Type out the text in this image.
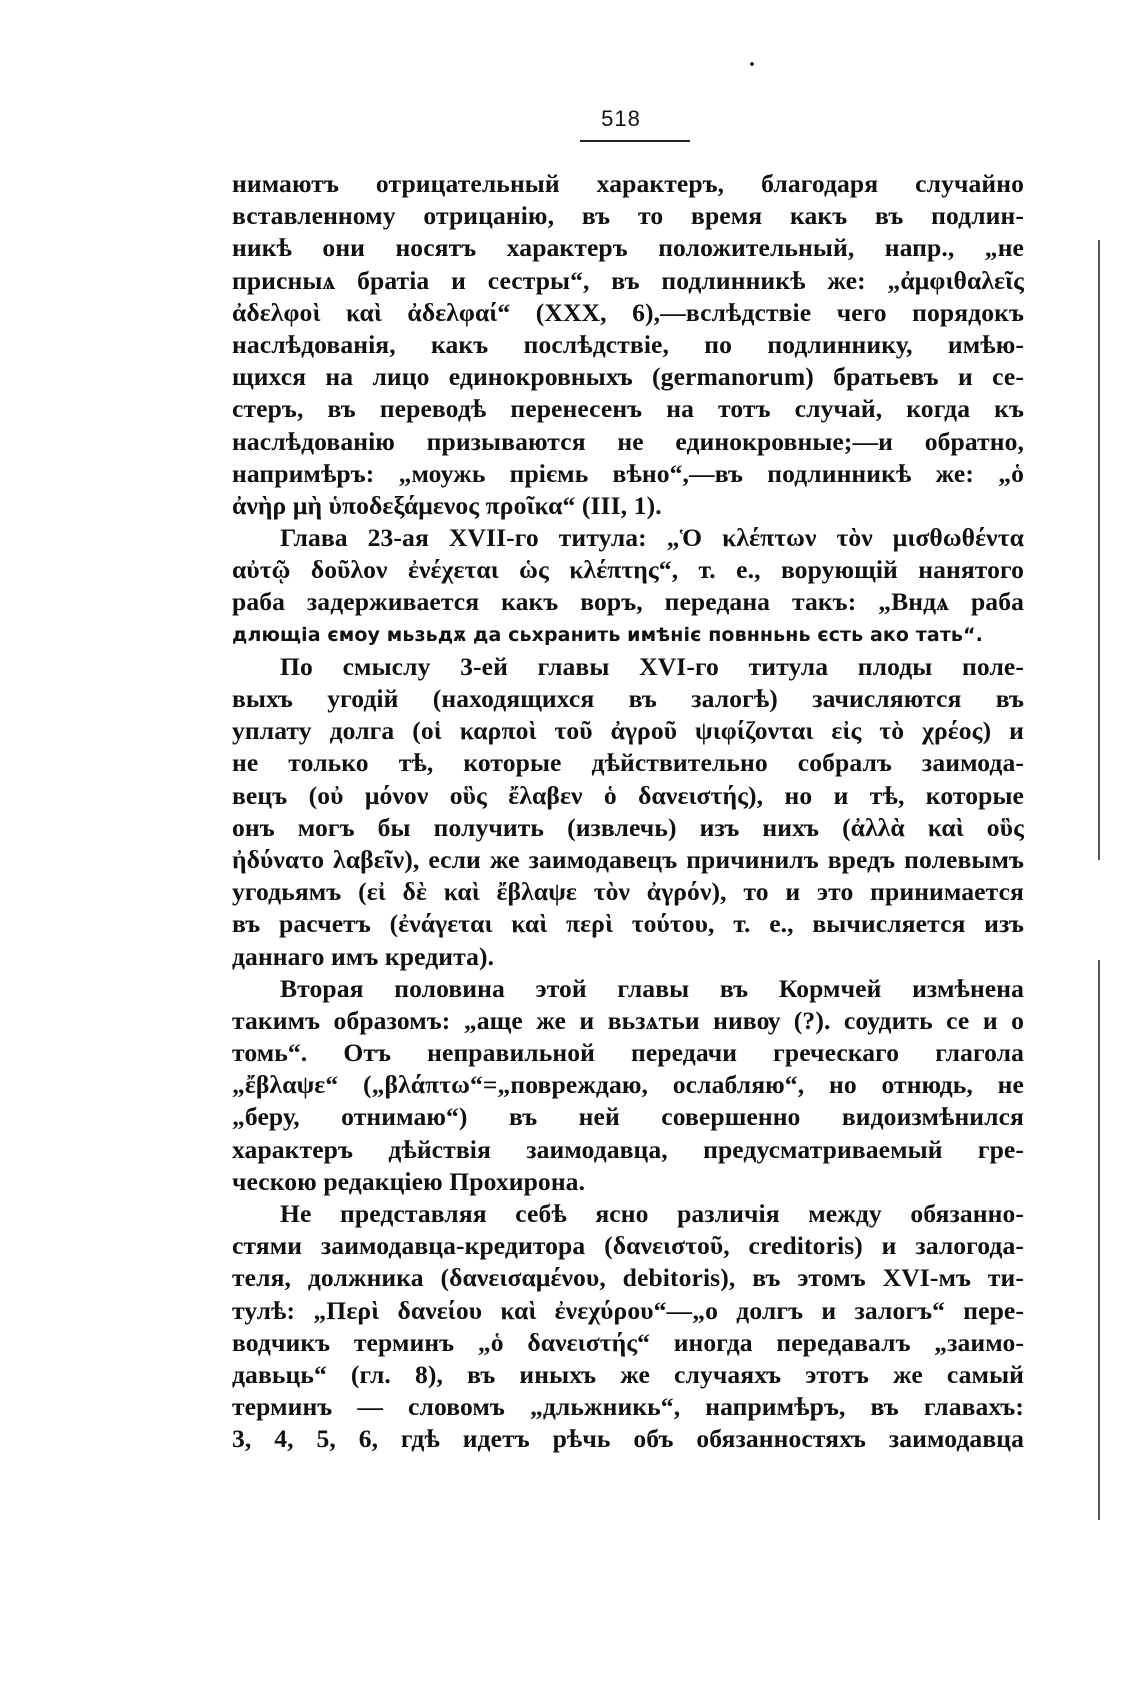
518
нимаютъ отрицательный характеръ, благодаря случайно
вставленному отрицанію, въ то время какъ въ подлин-
никѣ они носятъ характеръ положительный, напр., „не
присныѧ братіа и сестры“, въ подлинникѣ же: „ἀμφιθαλεῖς
ἀδελφοὶ καὶ ἀδελφαί“ (ХХХ, 6),—вслѣдствіе чего порядокъ
наслѣдованія, какъ послѣдствіе, по подлиннику, имѣю-
щихся на лицо единокровныхъ (germanorum) братьевъ и се-
стеръ, въ переводѣ перенесенъ на тотъ случай, когда къ
наслѣдованію призываются не единокровные;—и обратно,
напримѣръ: „моужь пріємь вѣно“,—въ подлинникѣ же: „ὁ
ἀνὴρ μὴ ὑποδεξάμενος προῖκα“ (III, 1).
Глава 23-ая XVII-го титула: „Ὁ κλέπτων τὸν μισθωθέντα
αὐτῷ δοῦλον ἐνέχεται ὡς κλέπτης“, т. е., ворующій нанятого
раба задерживается какъ воръ, передана такъ: „Вндѧ раба
длющіа ємоу мьзьдѫ да сьхранить имѣніє повнньнь єсть ако тать“.
По смыслу 3-ей главы XVI-го титула плоды поле-
выхъ угодій (находящихся въ залогѣ) зачисляются въ
уплату долга (οἱ καρποὶ τοῦ ἀγροῦ ψιφίζονται εἰς τὸ χρέος) и
не только тѣ, которые дѣйствительно собралъ заимода-
вецъ (οὐ μόνον οὓς ἔλαβεν ὁ δανειστής), но и тѣ, которые
онъ могъ бы получить (извлечь) изъ нихъ (ἀλλὰ καὶ οὓς
ἠδύνατο λαβεῖν), если же заимодавецъ причинилъ вредъ полевымъ
угодьямъ (εἰ δὲ καὶ ἔβλαψε τὸν ἀγρόν), то и это принимается
въ расчетъ (ἐνάγεται καὶ περὶ τούτου, т. е., вычисляется изъ
даннаго имъ кредита).
Вторая половина этой главы въ Кормчей измѣнена
такимъ образомъ: „аще же и вьзѧтьи нивѹ (?). соудить се и о
томь“. Отъ неправильной передачи греческаго глагола
„ἔβλαψε“ („βλάπτω“=„повреждаю, ослабляю“, но отнюдь, не
„беру, отнимаю“) въ ней совершенно видоизмѣнился
характеръ дѣйствія заимодавца, предусматриваемый гре-
ческою редакціею Прохирона.
Не представляя себѣ ясно различія между обязанно-
стями заимодавца-кредитора (δανειστοῦ, creditoris) и залогода-
теля, должника (δανεισαμένου, debitoris), въ этомъ XVI-мъ ти-
тулѣ: „Περὶ δανείου καὶ ἐνεχύρου“—„о долгъ и залогъ“ пере-
водчикъ терминъ „ὁ δανειστής“ иногда передавалъ „заимо-
давьць“ (гл. 8), въ иныхъ же случаяхъ этотъ же самый
терминъ — словомъ „дльжникь“, напримѣръ, въ главахъ:
3, 4, 5, 6, гдѣ идетъ рѣчь объ обязанностяхъ заимодавца
